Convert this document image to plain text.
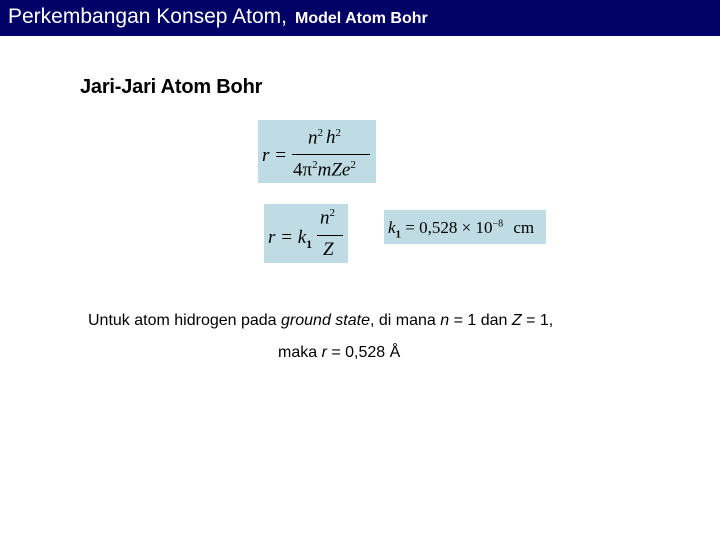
Perkembangan Konsep Atom, Model Atom Bohr
Jari-Jari Atom Bohr
r =
$n^2$ $h^2$
$4\pi^2mZe^2$
$r = k_1$
$n^2$
Z
$k_1 = 0,528 \times 10^{-8}$ cm
Untuk atom hidrogen pada ground state, di mana n = 1 dan Z = 1,
maka r = 0,528 Å
